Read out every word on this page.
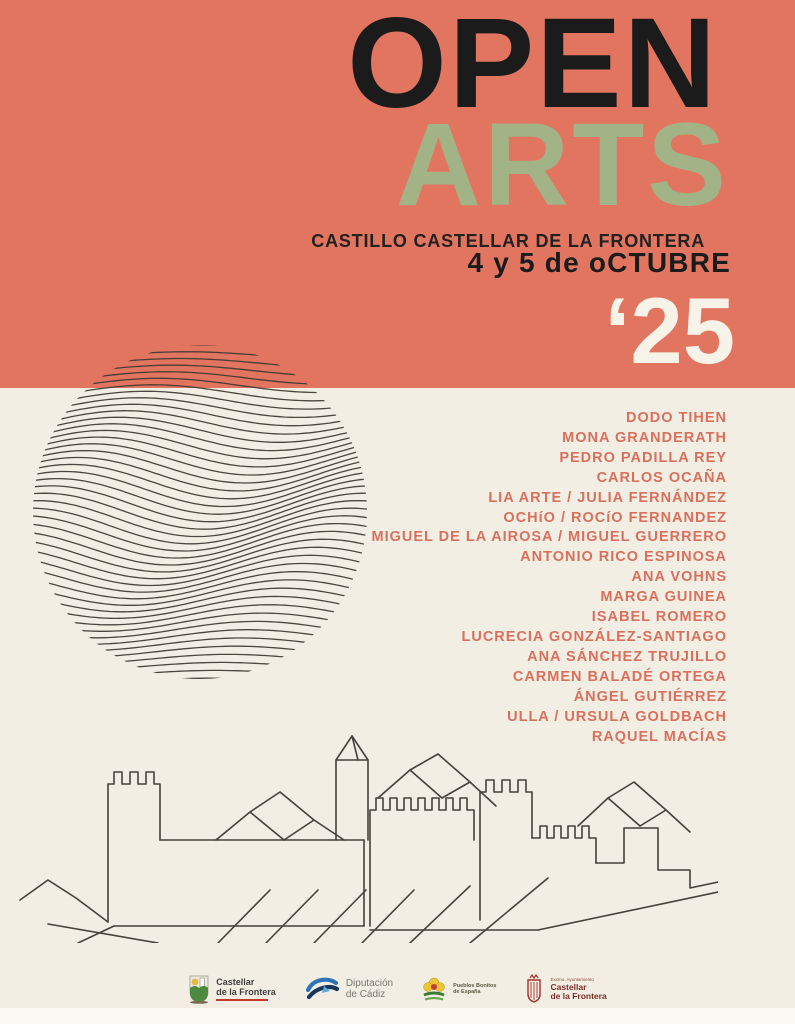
OPEN
ARTS
CASTILLO CASTELLAR DE LA FRONTERA
4 y 5 de oCTUBRE
‘25
DODO TIHEN
MONA GRANDERATH
PEDRO PADILLA REY
CARLOS OCAÑA
LIA ARTE / JULIA FERNÁNDEZ
OCHíO / ROCíO FERNANDEZ
MIGUEL DE LA AIROSA / MIGUEL GUERRERO
ANTONIO RICO ESPINOSA
ANA VOHNS
MARGA GUINEA
ISABEL ROMERO
LUCRECIA GONZÁLEZ-SANTIAGO
ANA SÁNCHEZ TRUJILLO
CARMEN BALADÉ ORTEGA
ÁNGEL GUTIÉRREZ
ULLA / URSULA GOLDBACH
RAQUEL MACÍAS
Castellar
de la Frontera
Diputación
de Cádiz
Pueblos Bonitos
de España
Excmo. Ayuntamiento
Castellar
de la Frontera
